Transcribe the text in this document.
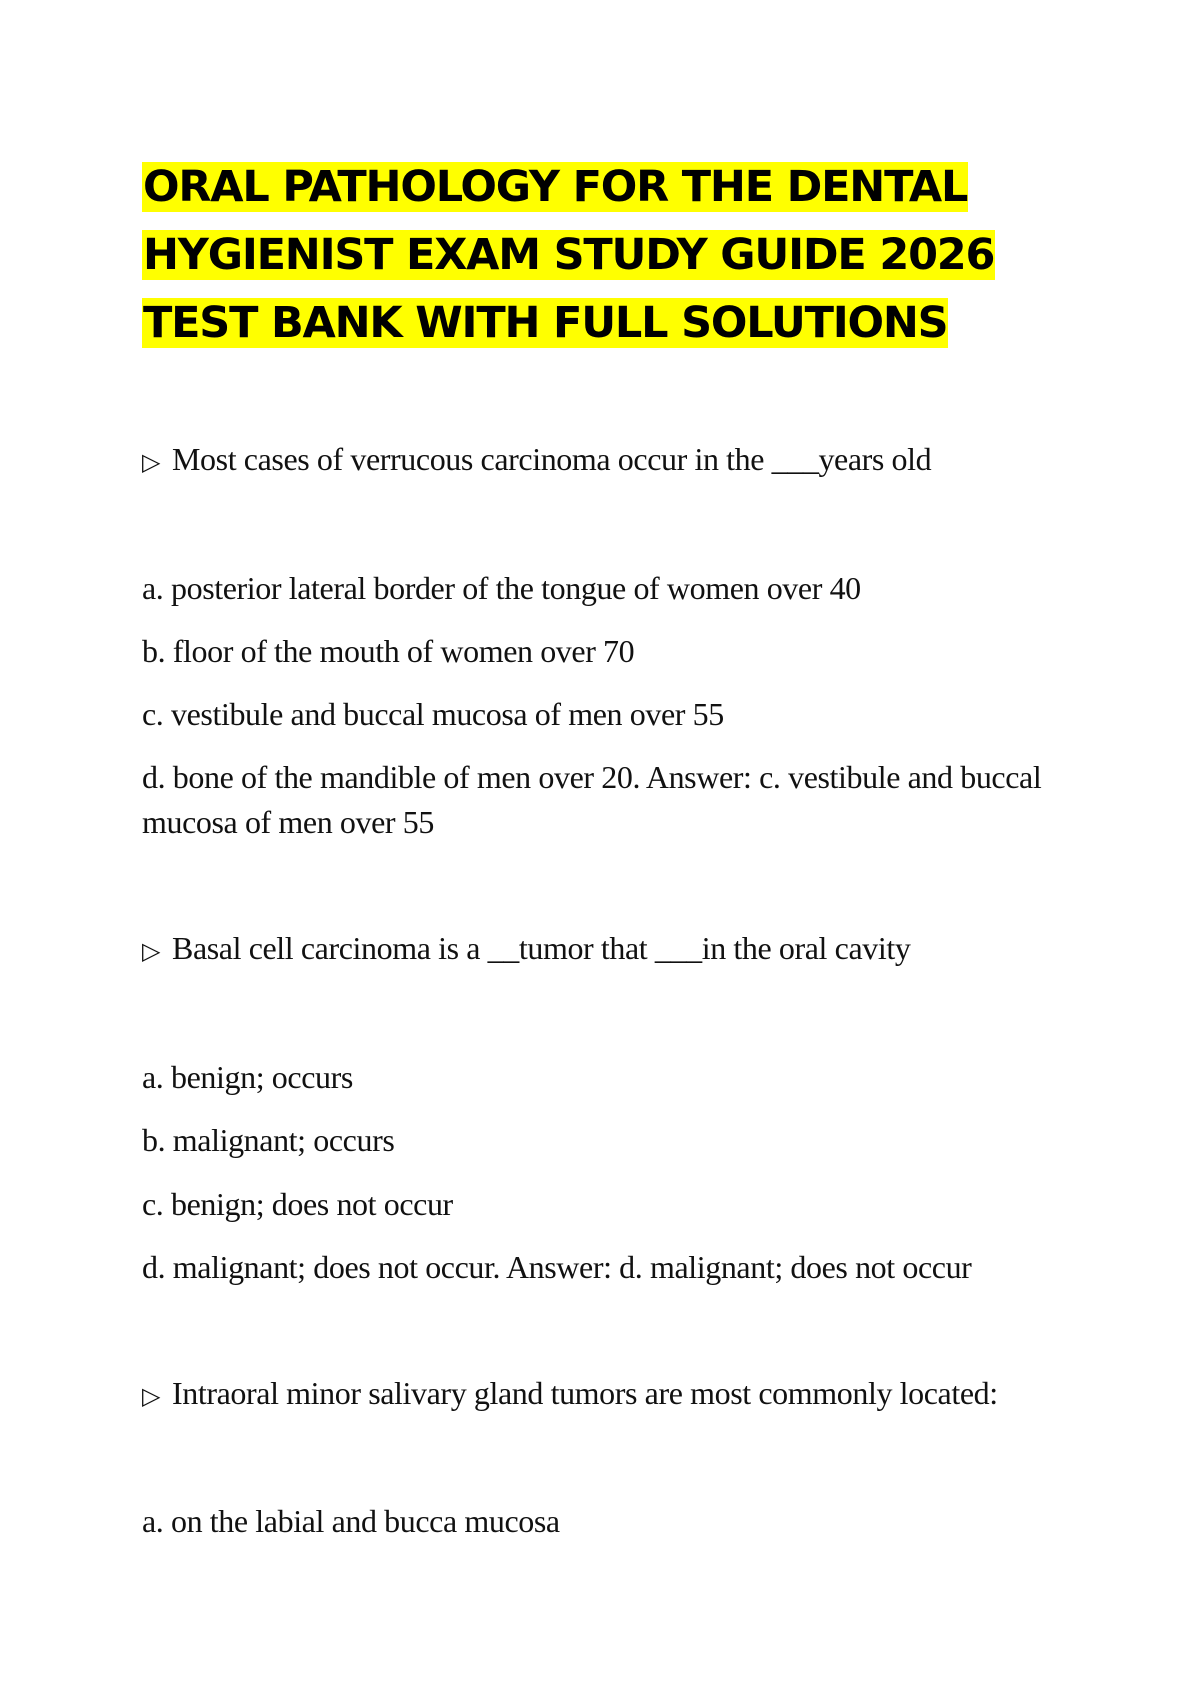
ORAL PATHOLOGY FOR THE DENTAL HYGIENIST EXAM STUDY GUIDE 2026 TEST BANK WITH FULL SOLUTIONS
▷ Most cases of verrucous carcinoma occur in the ___years old

a. posterior lateral border of the tongue of women over 40

b. floor of the mouth of women over 70

c. vestibule and buccal mucosa of men over 55

d. bone of the mandible of men over 20. Answer: c. vestibule and buccal mucosa of men over 55

▷ Basal cell carcinoma is a __tumor that ___in the oral cavity

a. benign; occurs

b. malignant; occurs

c. benign; does not occur

d. malignant; does not occur. Answer: d. malignant; does not occur

▷ Intraoral minor salivary gland tumors are most commonly located:

a. on the labial and bucca mucosa
